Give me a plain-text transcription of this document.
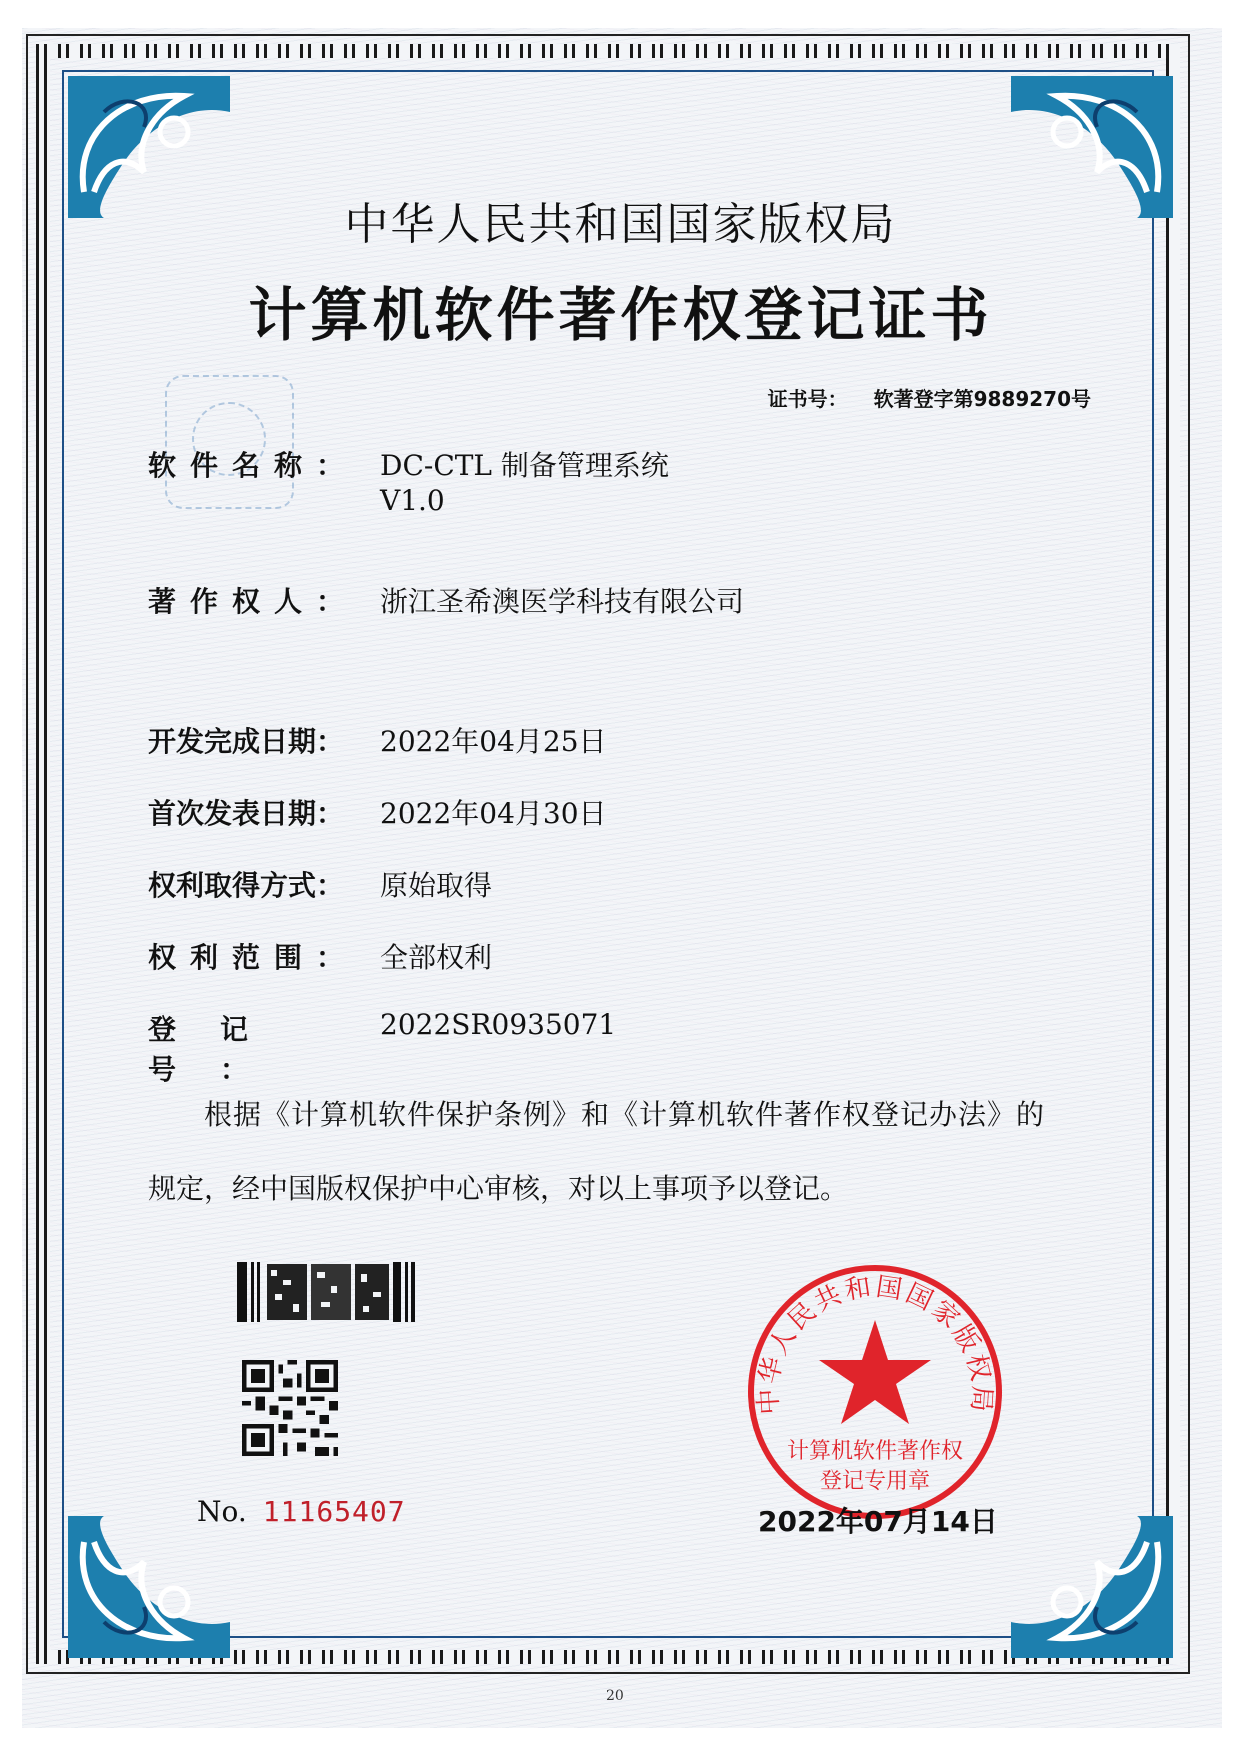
中华人民共和国国家版权局
计算机软件著作权登记证书
证书号： 软著登字第9889270号
软件名称： DC-CTL 制备管理系统
V1.0
著作权人： 浙江圣希澳医学科技有限公司
开发完成日期： 2022年04月25日
首次发表日期： 2022年04月30日
权利取得方式： 原始取得
权利范围： 全部权利
登记号：2022SR0935071
根据《计算机软件保护条例》和《计算机软件著作权登记办法》的
规定，经中国版权保护中心审核，对以上事项予以登记。
No. 11165407
中华人民共和国国家版权局
计算机软件著作权
登记专用章
2022年07月14日
20
